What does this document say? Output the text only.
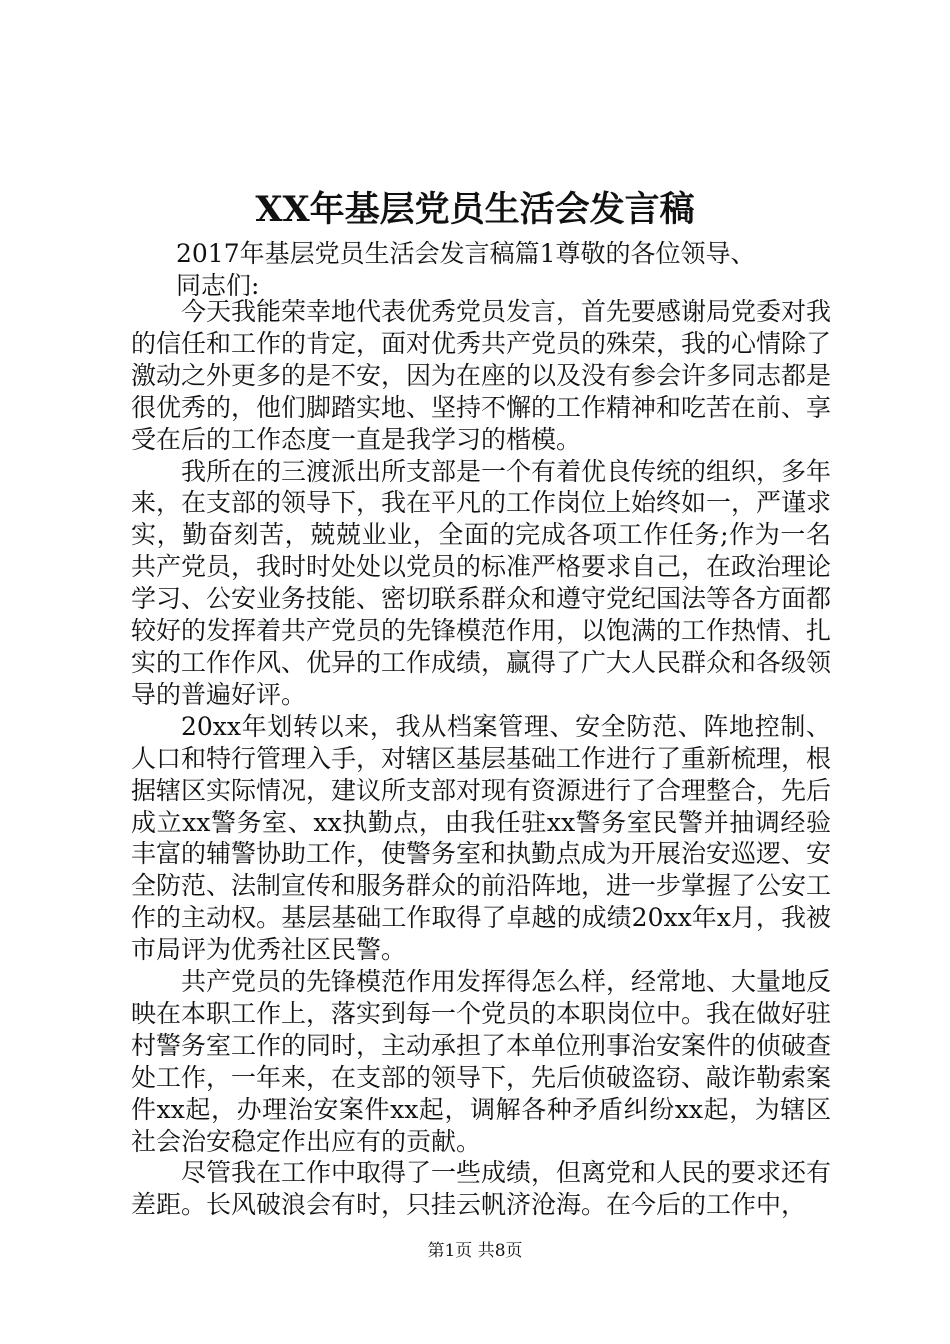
XX年基层党员生活会发言稿
2017年基层党员生活会发言稿篇1尊敬的各位领导、
同志们:

今天我能荣幸地代表优秀党员发言，首先要感谢局党委对我的信任和工作的肯定，面对优秀共产党员的殊荣，我的心情除了激动之外更多的是不安，因为在座的以及没有参会许多同志都是很优秀的，他们脚踏实地、坚持不懈的工作精神和吃苦在前、享受在后的工作态度一直是我学习的楷模。

我所在的三渡派出所支部是一个有着优良传统的组织，多年来，在支部的领导下，我在平凡的工作岗位上始终如一，严谨求实，勤奋刻苦，兢兢业业，全面的完成各项工作任务;作为一名共产党员，我时时处处以党员的标准严格要求自己，在政治理论学习、公安业务技能、密切联系群众和遵守党纪国法等各方面都较好的发挥着共产党员的先锋模范作用，以饱满的工作热情、扎实的工作作风、优异的工作成绩，赢得了广大人民群众和各级领导的普遍好评。

20xx年划转以来，我从档案管理、安全防范、阵地控制、人口和特行管理入手，对辖区基层基础工作进行了重新梳理，根据辖区实际情况，建议所支部对现有资源进行了合理整合，先后成立xx警务室、xx执勤点，由我任驻xx警务室民警并抽调经验丰富的辅警协助工作，使警务室和执勤点成为开展治安巡逻、安全防范、法制宣传和服务群众的前沿阵地，进一步掌握了公安工作的主动权。基层基础工作取得了卓越的成绩20xx年x月，我被市局评为优秀社区民警。

共产党员的先锋模范作用发挥得怎么样，经常地、大量地反映在本职工作上，落实到每一个党员的本职岗位中。我在做好驻村警务室工作的同时，主动承担了本单位刑事治安案件的侦破查处工作，一年来，在支部的领导下，先后侦破盗窃、敲诈勒索案件xx起，办理治安案件xx起，调解各种矛盾纠纷xx起，为辖区社会治安稳定作出应有的贡献。

尽管我在工作中取得了一些成绩，但离党和人民的要求还有差距。长风破浪会有时，只挂云帆济沧海。在今后的工作中，

第1页 共8页
